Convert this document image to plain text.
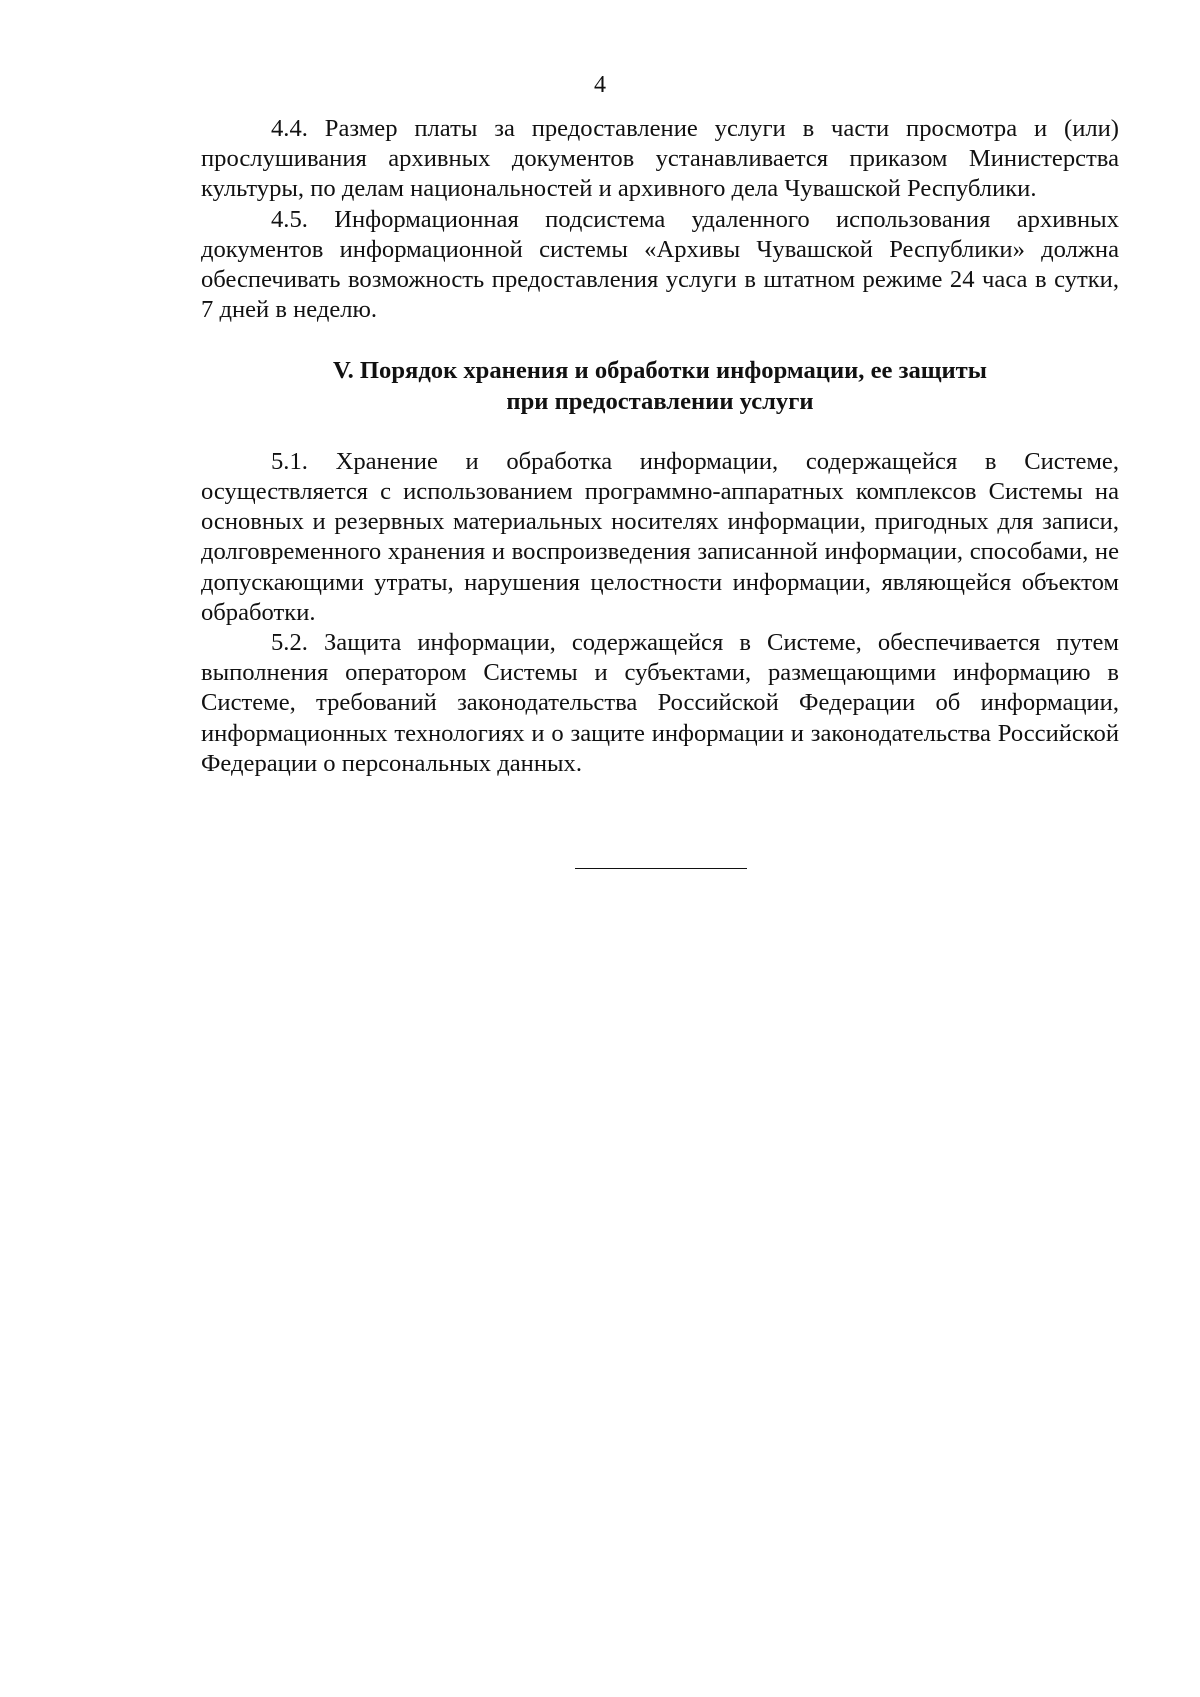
4

4.4. Размер платы за предоставление услуги в части просмотра и (или) прослушивания архивных документов устанавливается приказом Министерства культуры, по делам национальностей и архивного дела Чувашской Республики.

4.5. Информационная подсистема удаленного использования архивных документов информационной системы «Архивы Чувашской Республики» должна обеспечивать возможность предоставления услуги в штатном режиме 24 часа в сутки, 7 дней в неделю.

V. Порядок хранения и обработки информации, ее защиты
при предоставлении услуги

5.1. Хранение и обработка информации, содержащейся в Системе, осуществляется с использованием программно-аппаратных комплексов Системы на основных и резервных материальных носителях информации, пригодных для записи, долговременного хранения и воспроизведения записанной информации, способами, не допускающими утраты, нарушения целостности информации, являющейся объектом обработки.

5.2. Защита информации, содержащейся в Системе, обеспечивается путем выполнения оператором Системы и субъектами, размещающими информацию в Системе, требований законодательства Российской Федерации об информации, информационных технологиях и о защите информации и законодательства Российской Федерации о персональных данных.
